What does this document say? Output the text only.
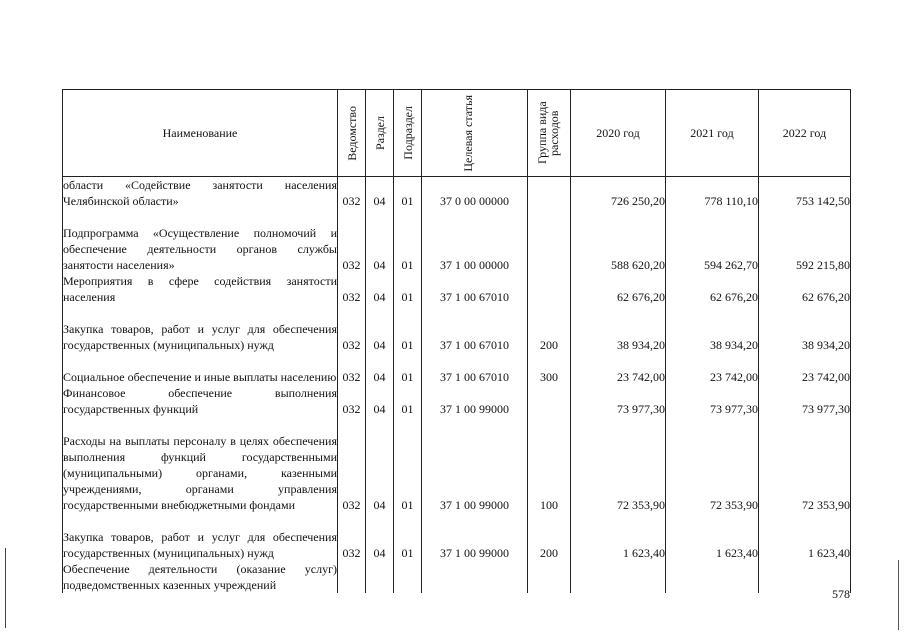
Наименование	Ведомство	Раздел	Подраздел	Целевая статья	Группа вида расходов	2020 год	2021 год	2022 год
области «Содействие занятости населения Челябинской области»	032	04	01	37 0 00 00000		726 250,20	778 110,10	753 142,50
Подпрограмма «Осуществление полномочий и обеспечение деятельности органов службы занятости населения»	032	04	01	37 1 00 00000		588 620,20	594 262,70	592 215,80
Мероприятия в сфере содействия занятости населения	032	04	01	37 1 00 67010		62 676,20	62 676,20	62 676,20
Закупка товаров, работ и услуг для обеспечения государственных (муниципальных) нужд	032	04	01	37 1 00 67010	200	38 934,20	38 934,20	38 934,20
Социальное обеспечение и иные выплаты населению	032	04	01	37 1 00 67010	300	23 742,00	23 742,00	23 742,00
Финансовое обеспечение выполнения государственных функций	032	04	01	37 1 00 99000		73 977,30	73 977,30	73 977,30
Расходы на выплаты персоналу в целях обеспечения выполнения функций государственными (муниципальными) органами, казенными учреждениями, органами управления государственными внебюджетными фондами	032	04	01	37 1 00 99000	100	72 353,90	72 353,90	72 353,90
Закупка товаров, работ и услуг для обеспечения государственных (муниципальных) нужд	032	04	01	37 1 00 99000	200	1 623,40	1 623,40	1 623,40
Обеспечение деятельности (оказание услуг) подведомственных казенных учреждений								
578
